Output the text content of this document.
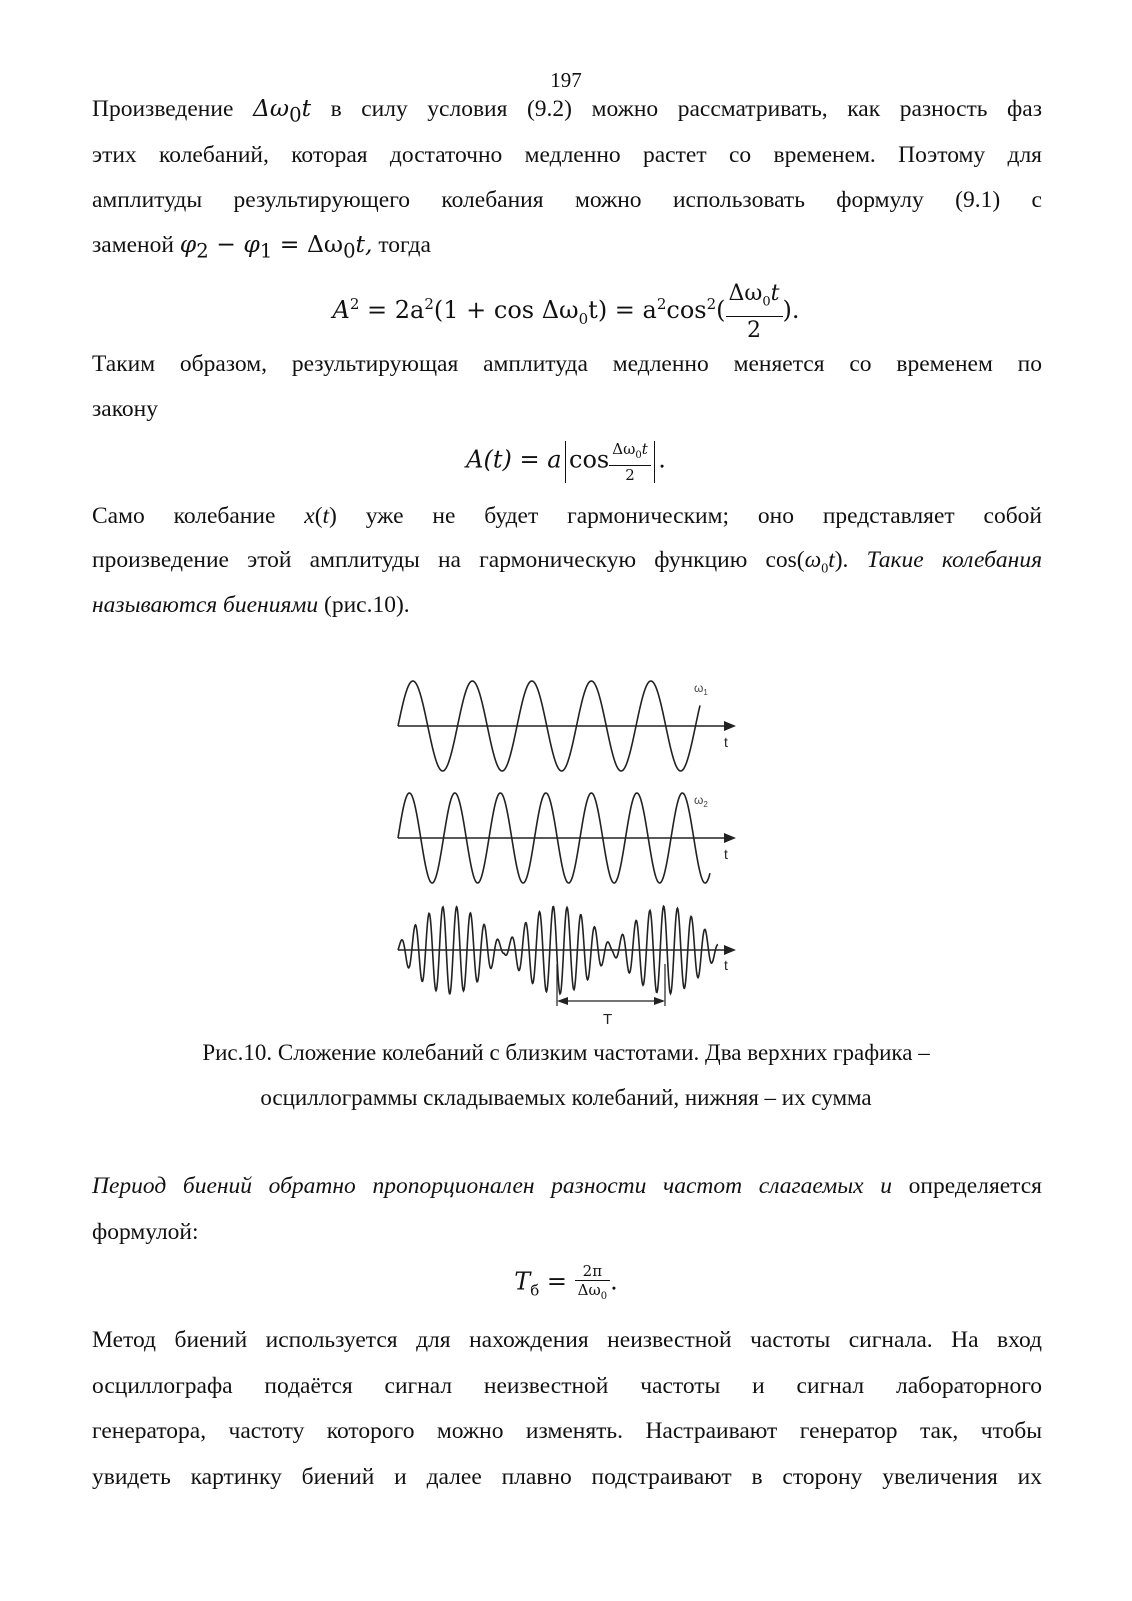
197

Произведение $\Delta\omega_0t$ в силу условия (9.2) можно рассматривать, как разность фаз

этих колебаний, которая достаточно медленно растет со временем. Поэтому для

амплитуды результирующего колебания можно использовать формулу (9.1) с

заменой $\varphi_2 - \varphi_1 = \Delta\omega_0t$, тогда

$A^2 = 2a^2(1 + \cos \Delta\omega_0t) = a^2\cos^2( \frac{\Delta\omega_0t}{2}$ ).

Таким образом, результирующая амплитуда медленно меняется со временем по

закону

A(t) = a $\cos \frac{\Delta\omega_0t}{2}$ .

Само колебание x(t) уже не будет гармоническим; оно представляет собой

произведение этой амплитуды на гармоническую функцию $\cos(\omega_0t)$. Такие колебания

называются биениями (рис.10).

t
$\omega_1$
t
$\omega_2$
t
T

Рис.10. Сложение колебаний с близким частотами. Два верхних графика –

осциллограммы складываемых колебаний, нижняя – их сумма

Период биений обратно пропорционален разности частот слагаемых и определяется

формулой:

$T_б = \frac{2\pi}{\Delta\omega_0}$ .

Метод биений используется для нахождения неизвестной частоты сигнала. На вход

осциллографа подаётся сигнал неизвестной частоты и сигнал лабораторного

генератора, частоту которого можно изменять. Настраивают генератор так, чтобы

увидеть картинку биений и далее плавно подстраивают в сторону увеличения их
